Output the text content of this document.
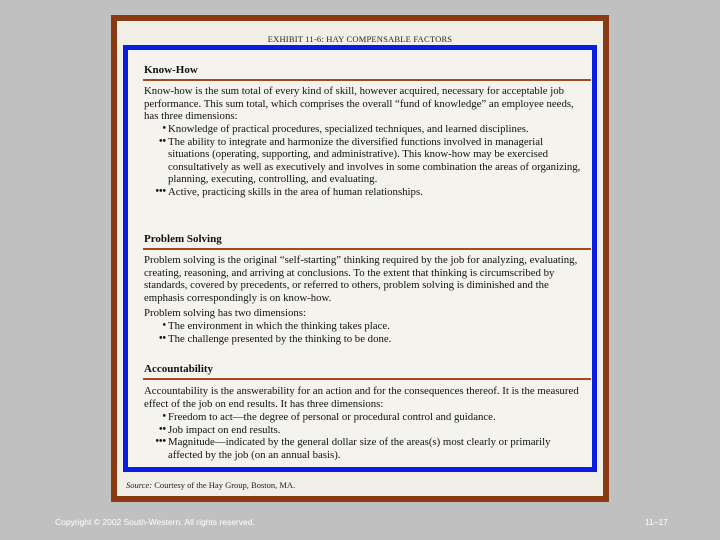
EXHIBIT 11-6: HAY COMPENSABLE FACTORS
Know-How

Know-how is the sum total of every kind of skill, however acquired, necessary for acceptable job performance. This sum total, which comprises the overall “fund of knowledge” an employee needs, has three dimensions:

• Knowledge of practical procedures, specialized techniques, and learned disciplines.
•• The ability to integrate and harmonize the diversified functions involved in managerial situations (operating, supporting, and administrative). This know-how may be exercised consultatively as well as executively and involves in some combination the areas of organizing, planning, executing, controlling, and evaluating.
••• Active, practicing skills in the area of human relationships.
Problem Solving

Problem solving is the original “self-starting” thinking required by the job for analyzing, evaluating, creating, reasoning, and arriving at conclusions. To the extent that thinking is circumscribed by standards, covered by precedents, or referred to others, problem solving is diminished and the emphasis correspondingly is on know-how.

Problem solving has two dimensions:

• The environment in which the thinking takes place.
•• The challenge presented by the thinking to be done.
Accountability

Accountability is the answerability for an action and for the consequences thereof. It is the measured effect of the job on end results. It has three dimensions:

• Freedom to act—the degree of personal or procedural control and guidance.
•• Job impact on end results.
••• Magnitude—indicated by the general dollar size of the areas(s) most clearly or primarily affected by the job (on an annual basis).
Source: Courtesy of the Hay Group, Boston, MA.
Copyright © 2002 South-Western. All rights reserved.	11–17
